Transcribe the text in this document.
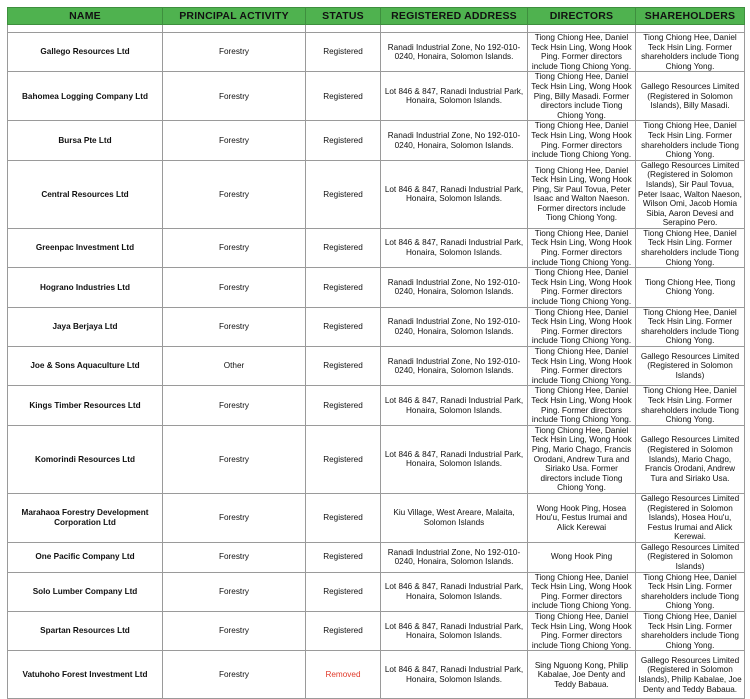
NAME	PRINCIPAL ACTIVITY	STATUS	REGISTERED ADDRESS	DIRECTORS	SHAREHOLDERS

Gallego Resources Ltd	Forestry	Registered	Ranadi Industrial Zone, No 192-010-0240, Honaira, Solomon Islands.	Tiong Chiong Hee, Daniel Teck Hsin Ling, Wong Hook Ping. Former directors include Tiong Chiong Yong.	Tiong Chiong Hee, Daniel Teck Hsin Ling. Former shareholders include Tiong Chiong Yong.
Bahomea Logging Company Ltd	Forestry	Registered	Lot 846 & 847, Ranadi Industrial Park, Honaira, Solomon Islands.	Tiong Chiong Hee, Daniel Teck Hsin Ling, Wong Hook Ping, Billy Masadi. Former directors include Tiong Chiong Yong.	Gallego Resources Limited (Registered in Solomon Islands), Billy Masadi.
Bursa Pte Ltd	Forestry	Registered	Ranadi Industrial Zone, No 192-010-0240, Honaira, Solomon Islands.	Tiong Chiong Hee, Daniel Teck Hsin Ling, Wong Hook Ping. Former directors include Tiong Chiong Yong.	Tiong Chiong Hee, Daniel Teck Hsin Ling. Former shareholders include Tiong Chiong Yong.
Central Resources Ltd	Forestry	Registered	Lot 846 & 847, Ranadi Industrial Park, Honaira, Solomon Islands.	Tiong Chiong Hee, Daniel Teck Hsin Ling, Wong Hook Ping, Sir Paul Tovua, Peter Isaac and Walton Naeson. Former directors include Tiong Chiong Yong.	Gallego Resources Limited (Registered in Solomon Islands), Sir Paul Tovua, Peter Isaac, Walton Naeson, Wilson Omi, Jacob Homia Sibia, Aaron Devesi and Serapino Pero.
Greenpac Investment Ltd	Forestry	Registered	Lot 846 & 847, Ranadi Industrial Park, Honaira, Solomon Islands.	Tiong Chiong Hee, Daniel Teck Hsin Ling, Wong Hook Ping. Former directors include Tiong Chiong Yong.	Tiong Chiong Hee, Daniel Teck Hsin Ling. Former shareholders include Tiong Chiong Yong.
Hograno Industries Ltd	Forestry	Registered	Ranadi Industrial Zone, No 192-010-0240, Honaira, Solomon Islands.	Tiong Chiong Hee, Daniel Teck Hsin Ling, Wong Hook Ping. Former directors include Tiong Chiong Yong.	Tiong Chiong Hee, Tiong Chiong Yong.
Jaya Berjaya Ltd	Forestry	Registered	Ranadi Industrial Zone, No 192-010-0240, Honaira, Solomon Islands.	Tiong Chiong Hee, Daniel Teck Hsin Ling, Wong Hook Ping. Former directors include Tiong Chiong Yong.	Tiong Chiong Hee, Daniel Teck Hsin Ling. Former shareholders include Tiong Chiong Yong.
Joe & Sons Aquaculture Ltd	Other	Registered	Ranadi Industrial Zone, No 192-010-0240, Honaira, Solomon Islands.	Tiong Chiong Hee, Daniel Teck Hsin Ling, Wong Hook Ping. Former directors include Tiong Chiong Yong.	Gallego Resources Limited (Registered in Solomon Islands)
Kings Timber Resources Ltd	Forestry	Registered	Lot 846 & 847, Ranadi Industrial Park, Honaira, Solomon Islands.	Tiong Chiong Hee, Daniel Teck Hsin Ling, Wong Hook Ping. Former directors include Tiong Chiong Yong.	Tiong Chiong Hee, Daniel Teck Hsin Ling. Former shareholders include Tiong Chiong Yong.
Komorindi Resources Ltd	Forestry	Registered	Lot 846 & 847, Ranadi Industrial Park, Honaira, Solomon Islands.	Tiong Chiong Hee, Daniel Teck Hsin Ling, Wong Hook Ping, Mario Chago, Francis Orodani, Andrew Tura and Siriako Usa. Former directors include Tiong Chiong Yong.	Gallego Resources Limited (Registered in Solomon Islands), Mario Chago, Francis Orodani, Andrew Tura and Siriako Usa.
Marahaoa Forestry Development Corporation Ltd	Forestry	Registered	Kiu Village, West Areare, Malaita, Solomon Islands	Wong Hook Ping, Hosea Hou'u, Festus Irumai and Alick Kerewai	Gallego Resources Limited (Registered in Solomon Islands), Hosea Hou'u, Festus Irumai and Alick Kerewai.
One Pacific Company Ltd	Forestry	Registered	Ranadi Industrial Zone, No 192-010-0240, Honaira, Solomon Islands.	Wong Hook Ping	Gallego Resources Limited (Registered in Solomon Islands)
Solo Lumber Company Ltd	Forestry	Registered	Lot 846 & 847, Ranadi Industrial Park, Honaira, Solomon Islands.	Tiong Chiong Hee, Daniel Teck Hsin Ling, Wong Hook Ping. Former directors include Tiong Chiong Yong.	Tiong Chiong Hee, Daniel Teck Hsin Ling. Former shareholders include Tiong Chiong Yong.
Spartan Resources Ltd	Forestry	Registered	Lot 846 & 847, Ranadi Industrial Park, Honaira, Solomon Islands.	Tiong Chiong Hee, Daniel Teck Hsin Ling, Wong Hook Ping. Former directors include Tiong Chiong Yong.	Tiong Chiong Hee, Daniel Teck Hsin Ling. Former shareholders include Tiong Chiong Yong.
Vatuhoho Forest Investment Ltd	Forestry	Removed	Lot 846 & 847, Ranadi Industrial Park, Honaira, Solomon Islands.	Sing Nguong Kong, Philip Kabalae, Joe Denty and Teddy Babaua.	Gallego Resources Limited (Registered in Solomon Islands), Philip Kabalae, Joe Denty and Teddy Babaua.
